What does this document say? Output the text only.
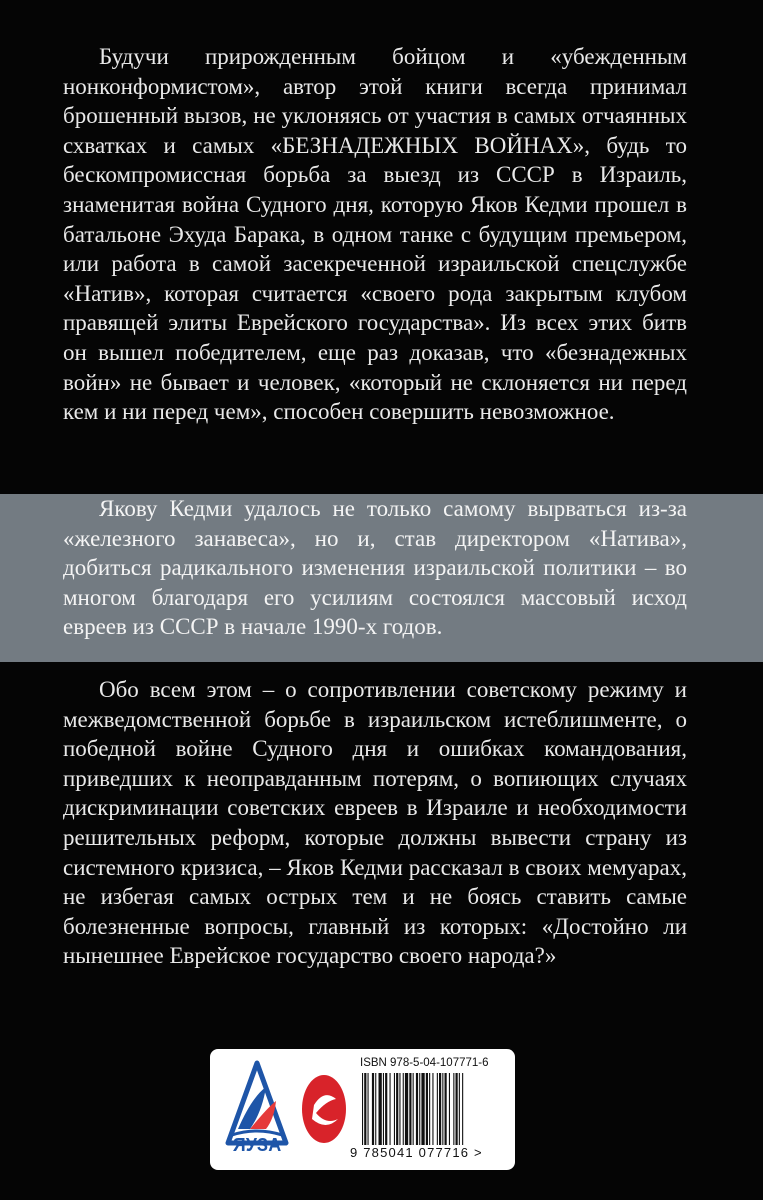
Будучи прирожденным бойцом и «убежденным нонконформистом», автор этой книги всегда принимал брошенный вызов, не уклоняясь от участия в самых отчаянных схватках и самых «БЕЗНАДЕЖНЫХ ВОЙНАХ», будь то бескомпромиссная борьба за выезд из СССР в Израиль, знаменитая война Судного дня, которую Яков Кедми прошел в батальоне Эхуда Барака, в одном танке с будущим премьером, или работа в самой засекреченной израильской спецслужбе «Натив», которая считается «своего рода закрытым клубом правящей элиты Еврейского государства». Из всех этих битв он вышел победителем, еще раз доказав, что «безнадежных войн» не бывает и человек, «который не склоняется ни перед кем и ни перед чем», способен совершить невозможное.

Якову Кедми удалось не только самому вырваться из-за «железного занавеса», но и, став директором «Натива», добиться радикального изменения израильской политики – во многом благодаря его усилиям состоялся массовый исход евреев из СССР в начале 1990-х годов.

Обо всем этом – о сопротивлении советскому режиму и межведомственной борьбе в израильском истеблишменте, о победной войне Судного дня и ошибках командования, приведших к неоправданным потерям, о вопиющих случаях дискриминации советских евреев в Израиле и необходимости решительных реформ, которые должны вывести страну из системного кризиса, – Яков Кедми рассказал в своих мемуарах, не избегая самых острых тем и не боясь ставить самые болезненные вопросы, главный из которых: «Достойно ли нынешнее Еврейское государство своего народа?»

ЯУЗА
ISBN 978-5-04-107771-6
9 785041 077716 >
